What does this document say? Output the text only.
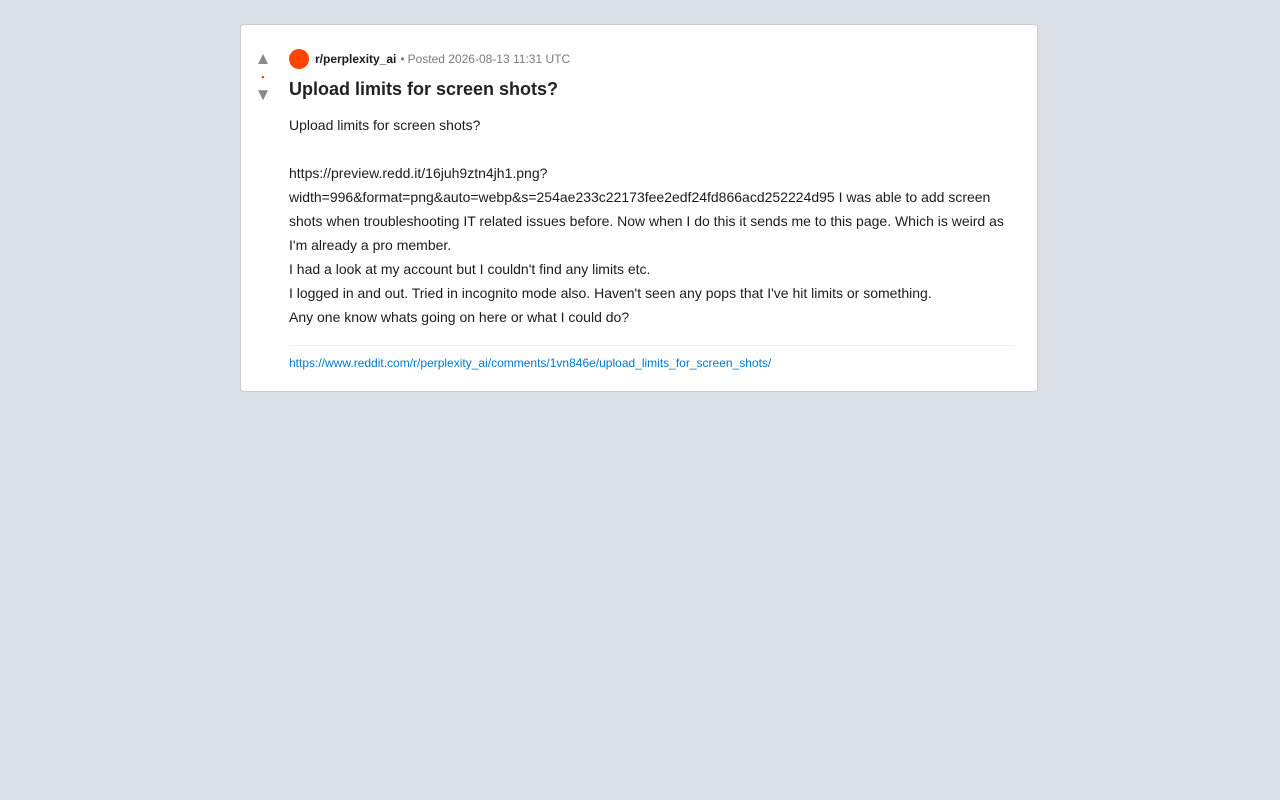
▲
•
▼
r/perplexity_ai • Posted 2026-08-13 11:31 UTC
Upload limits for screen shots?

Upload limits for screen shots?

https://preview.redd.it/16juh9ztn4jh1.png?width=996&format=png&auto=webp&s=254ae233c22173fee2edf24fd866acd252224d95 I was able to add screen shots when troubleshooting IT related issues before. Now when I do this it sends me to this page. Which is weird as I'm already a pro member.

I had a look at my account but I couldn't find any limits etc.

I logged in and out. Tried in incognito mode also. Haven't seen any pops that I've hit limits or something.

Any one know whats going on here or what I could do?

https://www.reddit.com/r/perplexity_ai/comments/1vn846e/upload_limits_for_screen_shots/
